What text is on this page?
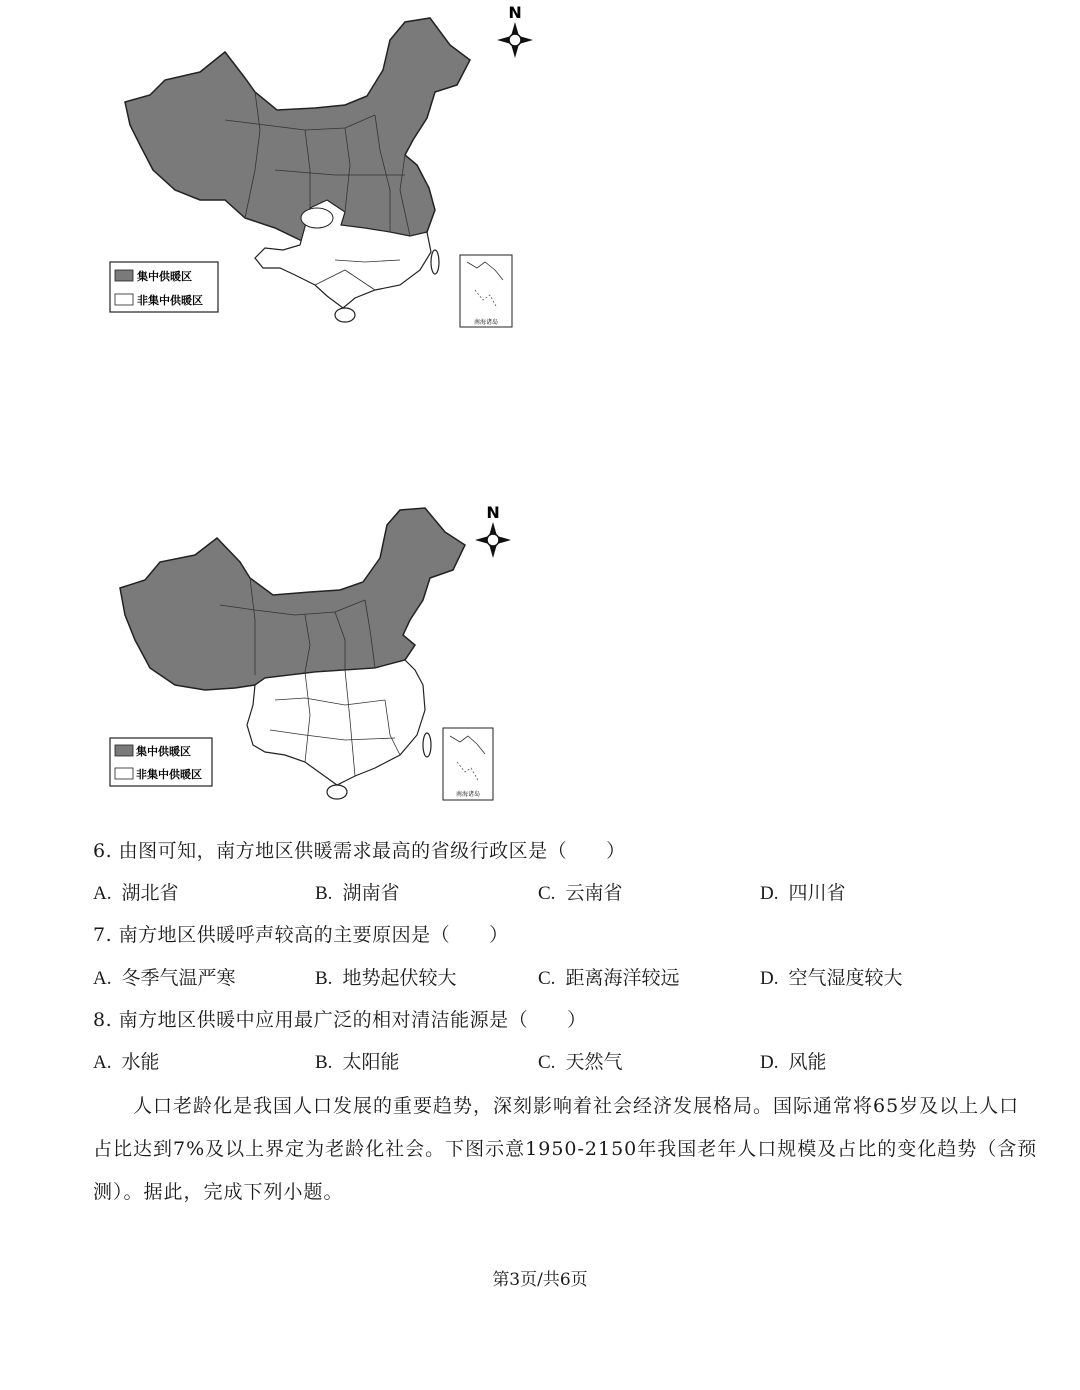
N
集中供暖区
非集中供暖区
南海诸岛
N
集中供暖区
非集中供暖区
南海诸岛
6. 由图可知，南方地区供暖需求最高的省级行政区是（　　）
A. 湖北省	B. 湖南省	C. 云南省	D. 四川省
7. 南方地区供暖呼声较高的主要原因是（　　）
A. 冬季气温严寒	B. 地势起伏较大	C. 距离海洋较远	D. 空气湿度较大
8. 南方地区供暖中应用最广泛的相对清洁能源是（　　）
A. 水能	B. 太阳能	C. 天然气	D. 风能
人口老龄化是我国人口发展的重要趋势，深刻影响着社会经济发展格局。国际通常将65岁及以上人口
占比达到7%及以上界定为老龄化社会。下图示意1950-2150年我国老年人口规模及占比的变化趋势（含预
测）。据此，完成下列小题。
第3页/共6页
